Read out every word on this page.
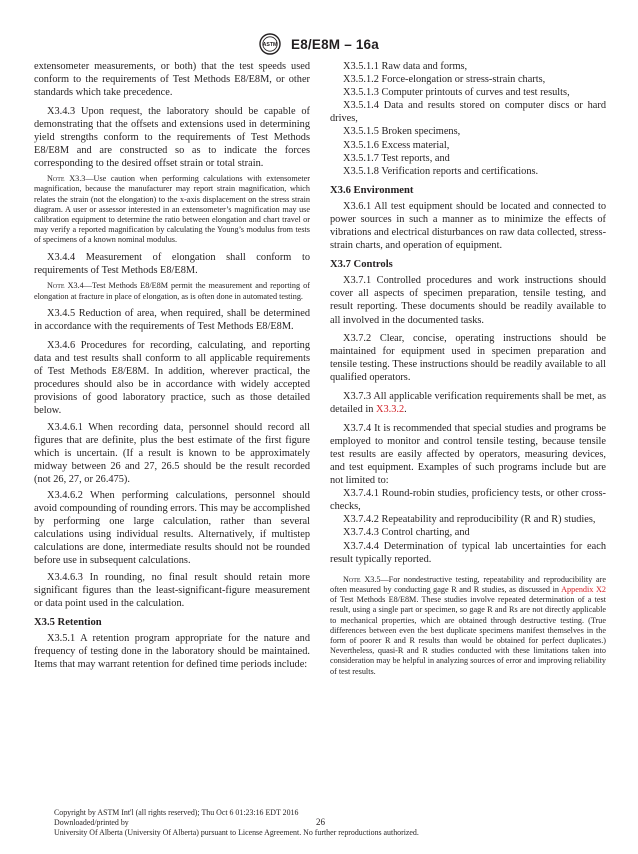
ASTM E8/E8M – 16a

extensometer measurements, or both) that the test speeds used conform to the requirements of Test Methods E8/E8M, or other standards which take precedence.

X3.4.3 Upon request, the laboratory should be capable of demonstrating that the offsets and extensions used in determining yield strengths conform to the requirements of Test Methods E8/E8M and are constructed so as to indicate the forces corresponding to the desired offset strain or total strain.

Note X3.3—Use caution when performing calculations with extensometer magnification, because the manufacturer may report strain magnification, which relates the strain (not the elongation) to the x-axis displacement on the stress strain diagram. A user or assessor interested in an extensometer’s magnification may use calibration equipment to determine the ratio between elongation and chart travel or may verify a reported magnification by calculating the Young’s modulus from tests of specimens of a known nominal modulus.

X3.4.4 Measurement of elongation shall conform to requirements of Test Methods E8/E8M.

Note X3.4—Test Methods E8/E8M permit the measurement and reporting of elongation at fracture in place of elongation, as is often done in automated testing.

X3.4.5 Reduction of area, when required, shall be determined in accordance with the requirements of Test Methods E8/E8M.

X3.4.6 Procedures for recording, calculating, and reporting data and test results shall conform to all applicable requirements of Test Methods E8/E8M. In addition, wherever practical, the procedures should also be in accordance with widely accepted provisions of good laboratory practice, such as those detailed below.

X3.4.6.1 When recording data, personnel should record all figures that are definite, plus the best estimate of the first figure which is uncertain. (If a result is known to be approximately midway between 26 and 27, 26.5 should be the result recorded (not 26, 27, or 26.475).

X3.4.6.2 When performing calculations, personnel should avoid compounding of rounding errors. This may be accomplished by performing one large calculation, rather than several calculations using individual results. Alternatively, if multistep calculations are done, intermediate results should not be rounded before use in subsequent calculations.

X3.4.6.3 In rounding, no final result should retain more significant figures than the least-significant-figure measurement or data point used in the calculation.

X3.5 Retention

X3.5.1 A retention program appropriate for the nature and frequency of testing done in the laboratory should be maintained. Items that may warrant retention for defined time periods include:

X3.5.1.1 Raw data and forms,

X3.5.1.2 Force-elongation or stress-strain charts,

X3.5.1.3 Computer printouts of curves and test results,

X3.5.1.4 Data and results stored on computer discs or hard drives,

X3.5.1.5 Broken specimens,

X3.5.1.6 Excess material,

X3.5.1.7 Test reports, and

X3.5.1.8 Verification reports and certifications.

X3.6 Environment

X3.6.1 All test equipment should be located and connected to power sources in such a manner as to minimize the effects of vibrations and electrical disturbances on raw data collected, stress-strain charts, and operation of equipment.

X3.7 Controls

X3.7.1 Controlled procedures and work instructions should cover all aspects of specimen preparation, tensile testing, and result reporting. These documents should be readily available to all involved in the documented tasks.

X3.7.2 Clear, concise, operating instructions should be maintained for equipment used in specimen preparation and tensile testing. These instructions should be readily available to all qualified operators.

X3.7.3 All applicable verification requirements shall be met, as detailed in X3.3.2.

X3.7.4 It is recommended that special studies and programs be employed to monitor and control tensile testing, because tensile test results are easily affected by operators, measuring devices, and test equipment. Examples of such programs include but are not limited to:

X3.7.4.1 Round-robin studies, proficiency tests, or other cross-checks,

X3.7.4.2 Repeatability and reproducibility (R and R) studies,

X3.7.4.3 Control charting, and

X3.7.4.4 Determination of typical lab uncertainties for each result typically reported.

Note X3.5—For nondestructive testing, repeatability and reproducibility are often measured by conducting gage R and R studies, as discussed in Appendix X2 of Test Methods E8/E8M. These studies involve repeated determination of a test result, using a single part or specimen, so gage R and Rs are not directly applicable to mechanical properties, which are obtained through destructive testing. (True differences between even the best duplicate specimens manifest themselves in the form of poorer R and R results than would be obtained for perfect duplicates.) Nevertheless, quasi-R and R studies conducted with these limitations taken into consideration may be helpful in analyzing sources of error and improving reliability of test results.

Copyright by ASTM Int'l (all rights reserved); Thu Oct 6 01:23:16 EDT 2016
Downloaded/printed by
University Of Alberta (University Of Alberta) pursuant to License Agreement. No further reproductions authorized.
26
